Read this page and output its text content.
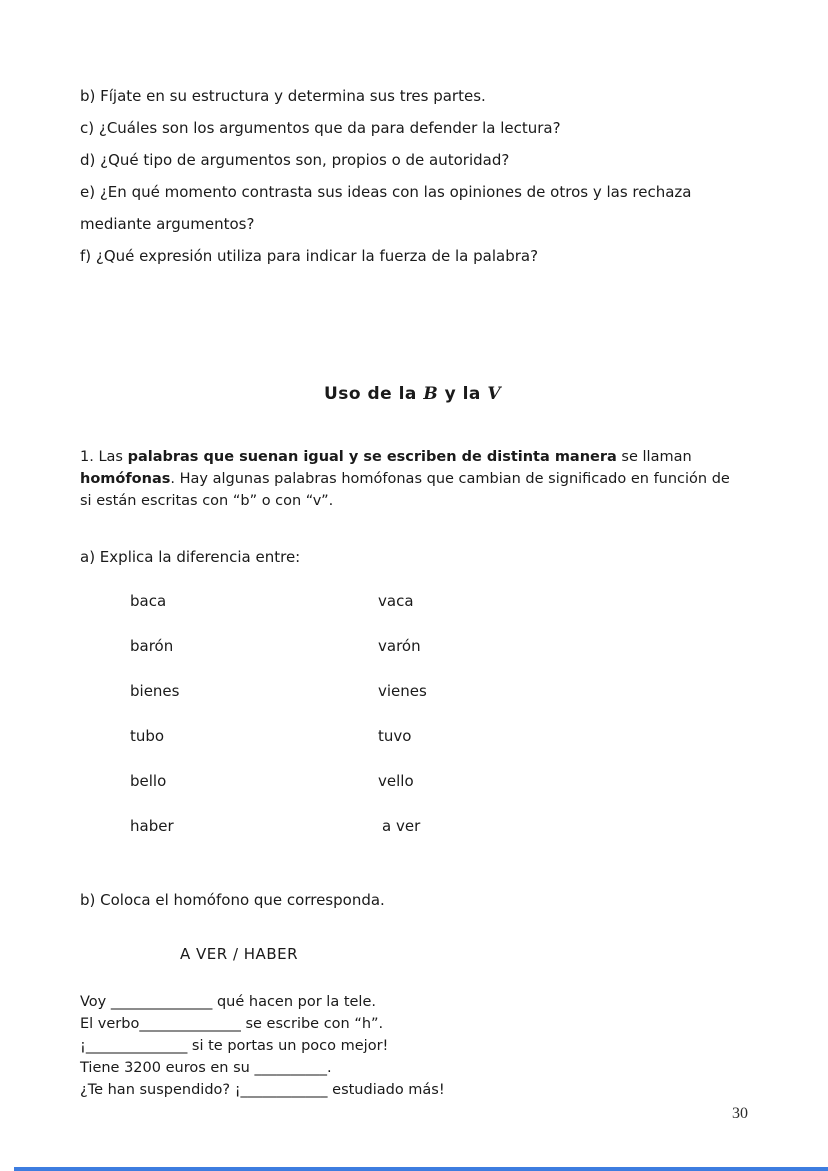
b) Fíjate en su estructura y determina sus tres partes.

c) ¿Cuáles son los argumentos que da para defender la lectura?

d) ¿Qué tipo de argumentos son, propios o de autoridad?

e) ¿En qué momento contrasta sus ideas con las opiniones de otros y las rechaza mediante argumentos?

f) ¿Qué expresión utiliza para indicar la fuerza de la palabra?

Uso de la B y la V

1. Las palabras que suenan igual y se escriben de distinta manera se llaman homófonas. Hay algunas palabras homófonas que cambian de significado en función de si están escritas con “b” o con “v”.

a) Explica la diferencia entre:

baca	vaca
barón	varón
bienes	vienes
tubo	tuvo
bello	vello
haber	a ver

b) Coloca el homófono que corresponda.

A VER / HABER

Voy ______________ qué hacen por la tele.

El verbo______________ se escribe con “h”.

¡______________ si te portas un poco mejor!

Tiene 3200 euros en su __________.

¿Te han suspendido? ¡____________ estudiado más!

30
